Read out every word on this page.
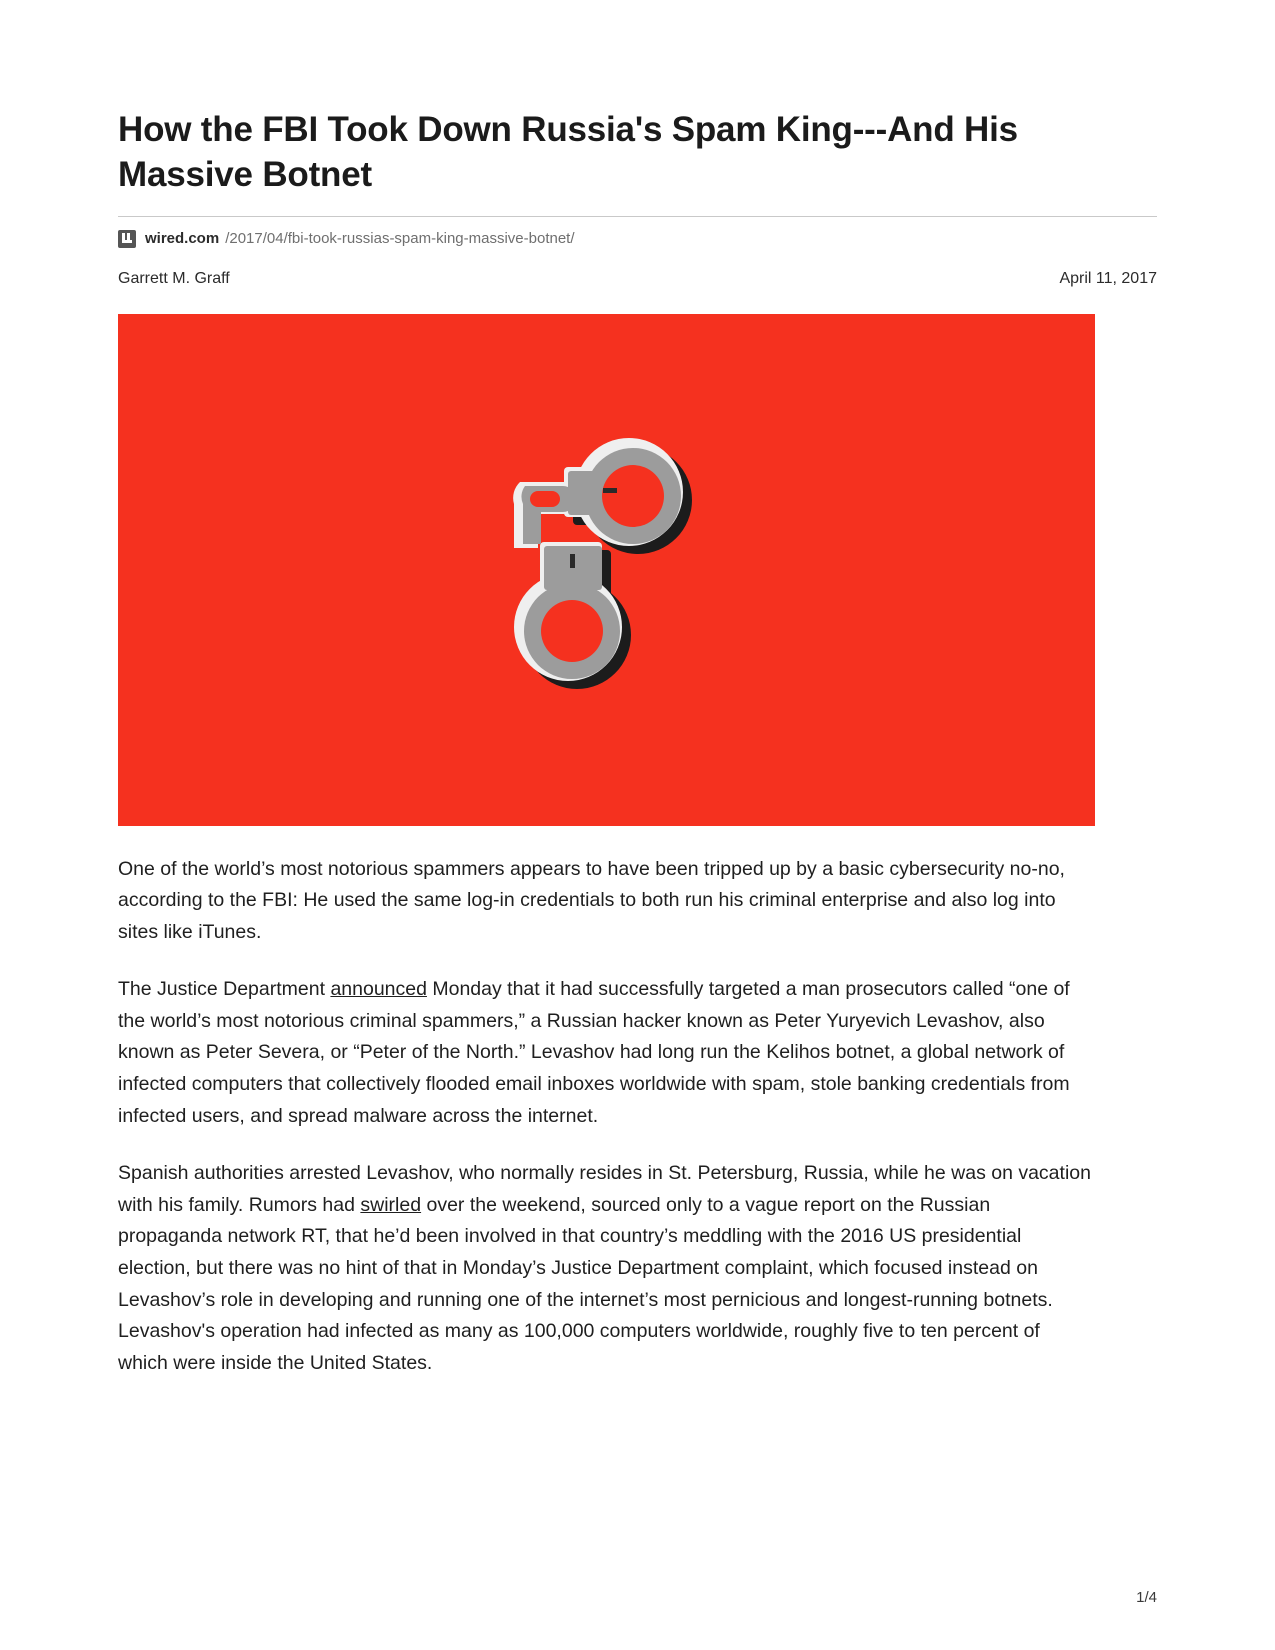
How the FBI Took Down Russia's Spam King---And His Massive Botnet
wired.com /2017/04/fbi-took-russias-spam-king-massive-botnet/
Garrett M. Graff	April 11, 2017

One of the world’s most notorious spammers appears to have been tripped up by a basic cybersecurity no-no, according to the FBI: He used the same log-in credentials to both run his criminal enterprise and also log into sites like iTunes.

The Justice Department announced Monday that it had successfully targeted a man prosecutors called “one of the world’s most notorious criminal spammers,” a Russian hacker known as Peter Yuryevich Levashov, also known as Peter Severa, or “Peter of the North.” Levashov had long run the Kelihos botnet, a global network of infected computers that collectively flooded email inboxes worldwide with spam, stole banking credentials from infected users, and spread malware across the internet.

Spanish authorities arrested Levashov, who normally resides in St. Petersburg, Russia, while he was on vacation with his family. Rumors had swirled over the weekend, sourced only to a vague report on the Russian propaganda network RT, that he’d been involved in that country’s meddling with the 2016 US presidential election, but there was no hint of that in Monday’s Justice Department complaint, which focused instead on Levashov’s role in developing and running one of the internet’s most pernicious and longest-running botnets. Levashov's operation had infected as many as 100,000 computers worldwide, roughly five to ten percent of which were inside the United States.

1/4
